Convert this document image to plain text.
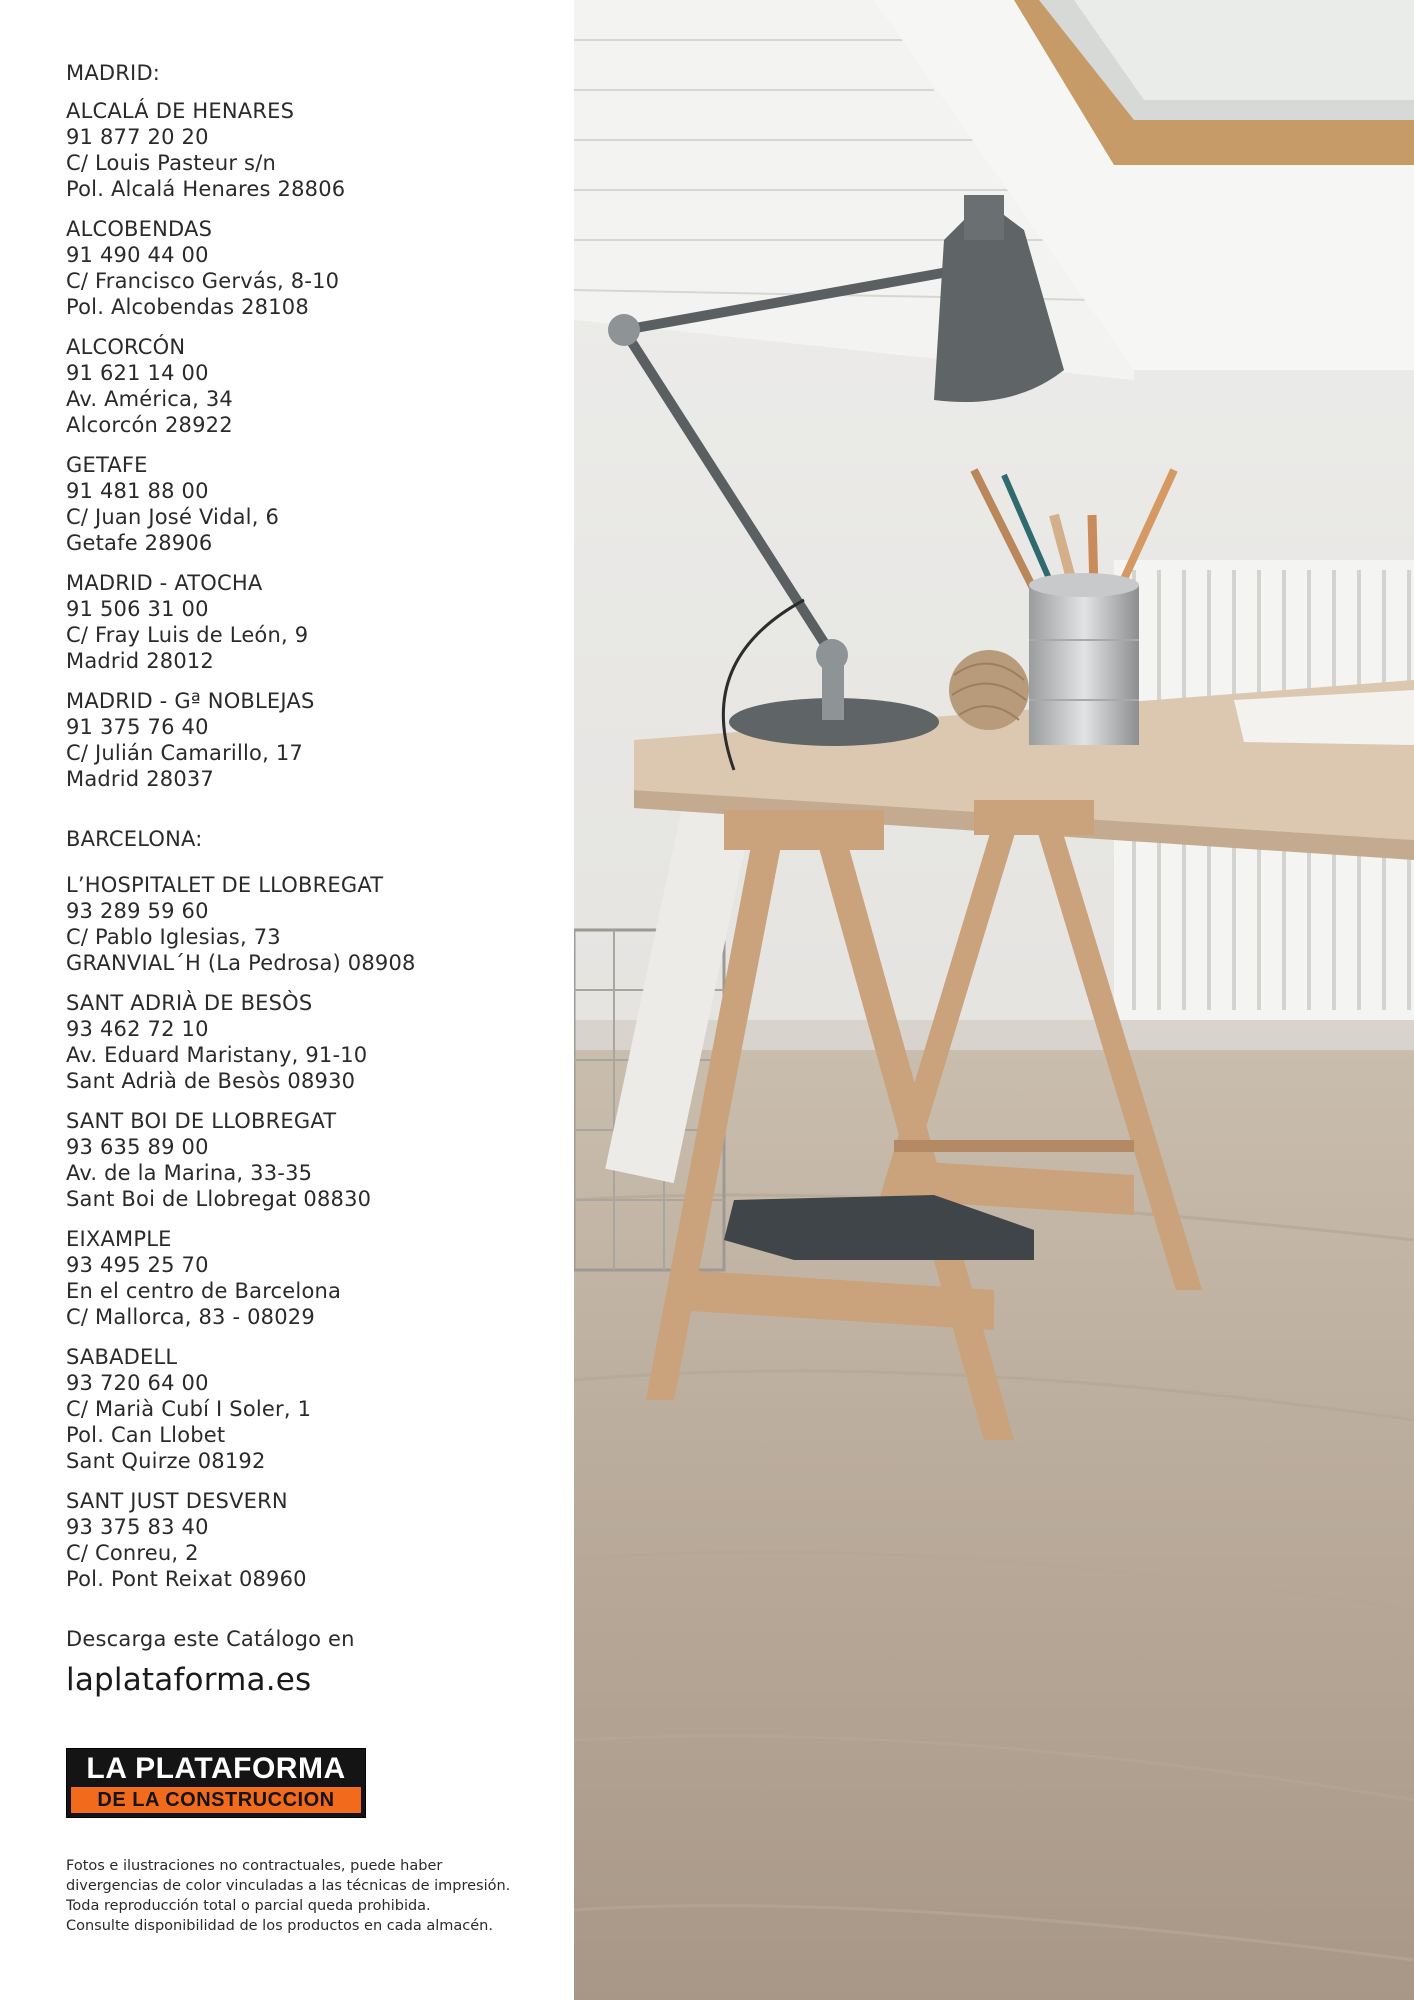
MADRID:
ALCALÁ DE HENARES
91 877 20 20
C/ Louis Pasteur s/n
Pol. Alcalá Henares 28806
ALCOBENDAS
91 490 44 00
C/ Francisco Gervás, 8-10
Pol. Alcobendas 28108
ALCORCÓN
91 621 14 00
Av. América, 34
Alcorcón 28922
GETAFE
91 481 88 00
C/ Juan José Vidal, 6
Getafe 28906
MADRID - ATOCHA
91 506 31 00
C/ Fray Luis de León, 9
Madrid 28012
MADRID - Gª NOBLEJAS
91 375 76 40
C/ Julián Camarillo, 17
Madrid 28037
BARCELONA:
L’HOSPITALET DE LLOBREGAT
93 289 59 60
C/ Pablo Iglesias, 73
GRANVIAL´H (La Pedrosa) 08908
SANT ADRIÀ DE BESÒS
93 462 72 10
Av. Eduard Maristany, 91-10
Sant Adrià de Besòs 08930
SANT BOI DE LLOBREGAT
93 635 89 00
Av. de la Marina, 33-35
Sant Boi de Llobregat 08830
EIXAMPLE
93 495 25 70
En el centro de Barcelona
C/ Mallorca, 83 - 08029
SABADELL
93 720 64 00
C/ Marià Cubí I Soler, 1
Pol. Can Llobet
Sant Quirze 08192
SANT JUST DESVERN
93 375 83 40
C/ Conreu, 2
Pol. Pont Reixat 08960
Descarga este Catálogo en
laplataforma.es
LA PLATAFORMA
DE LA CONSTRUCCION
Fotos e ilustraciones no contractuales, puede haber
divergencias de color vinculadas a las técnicas de impresión.
Toda reproducción total o parcial queda prohibida.
Consulte disponibilidad de los productos en cada almacén.
